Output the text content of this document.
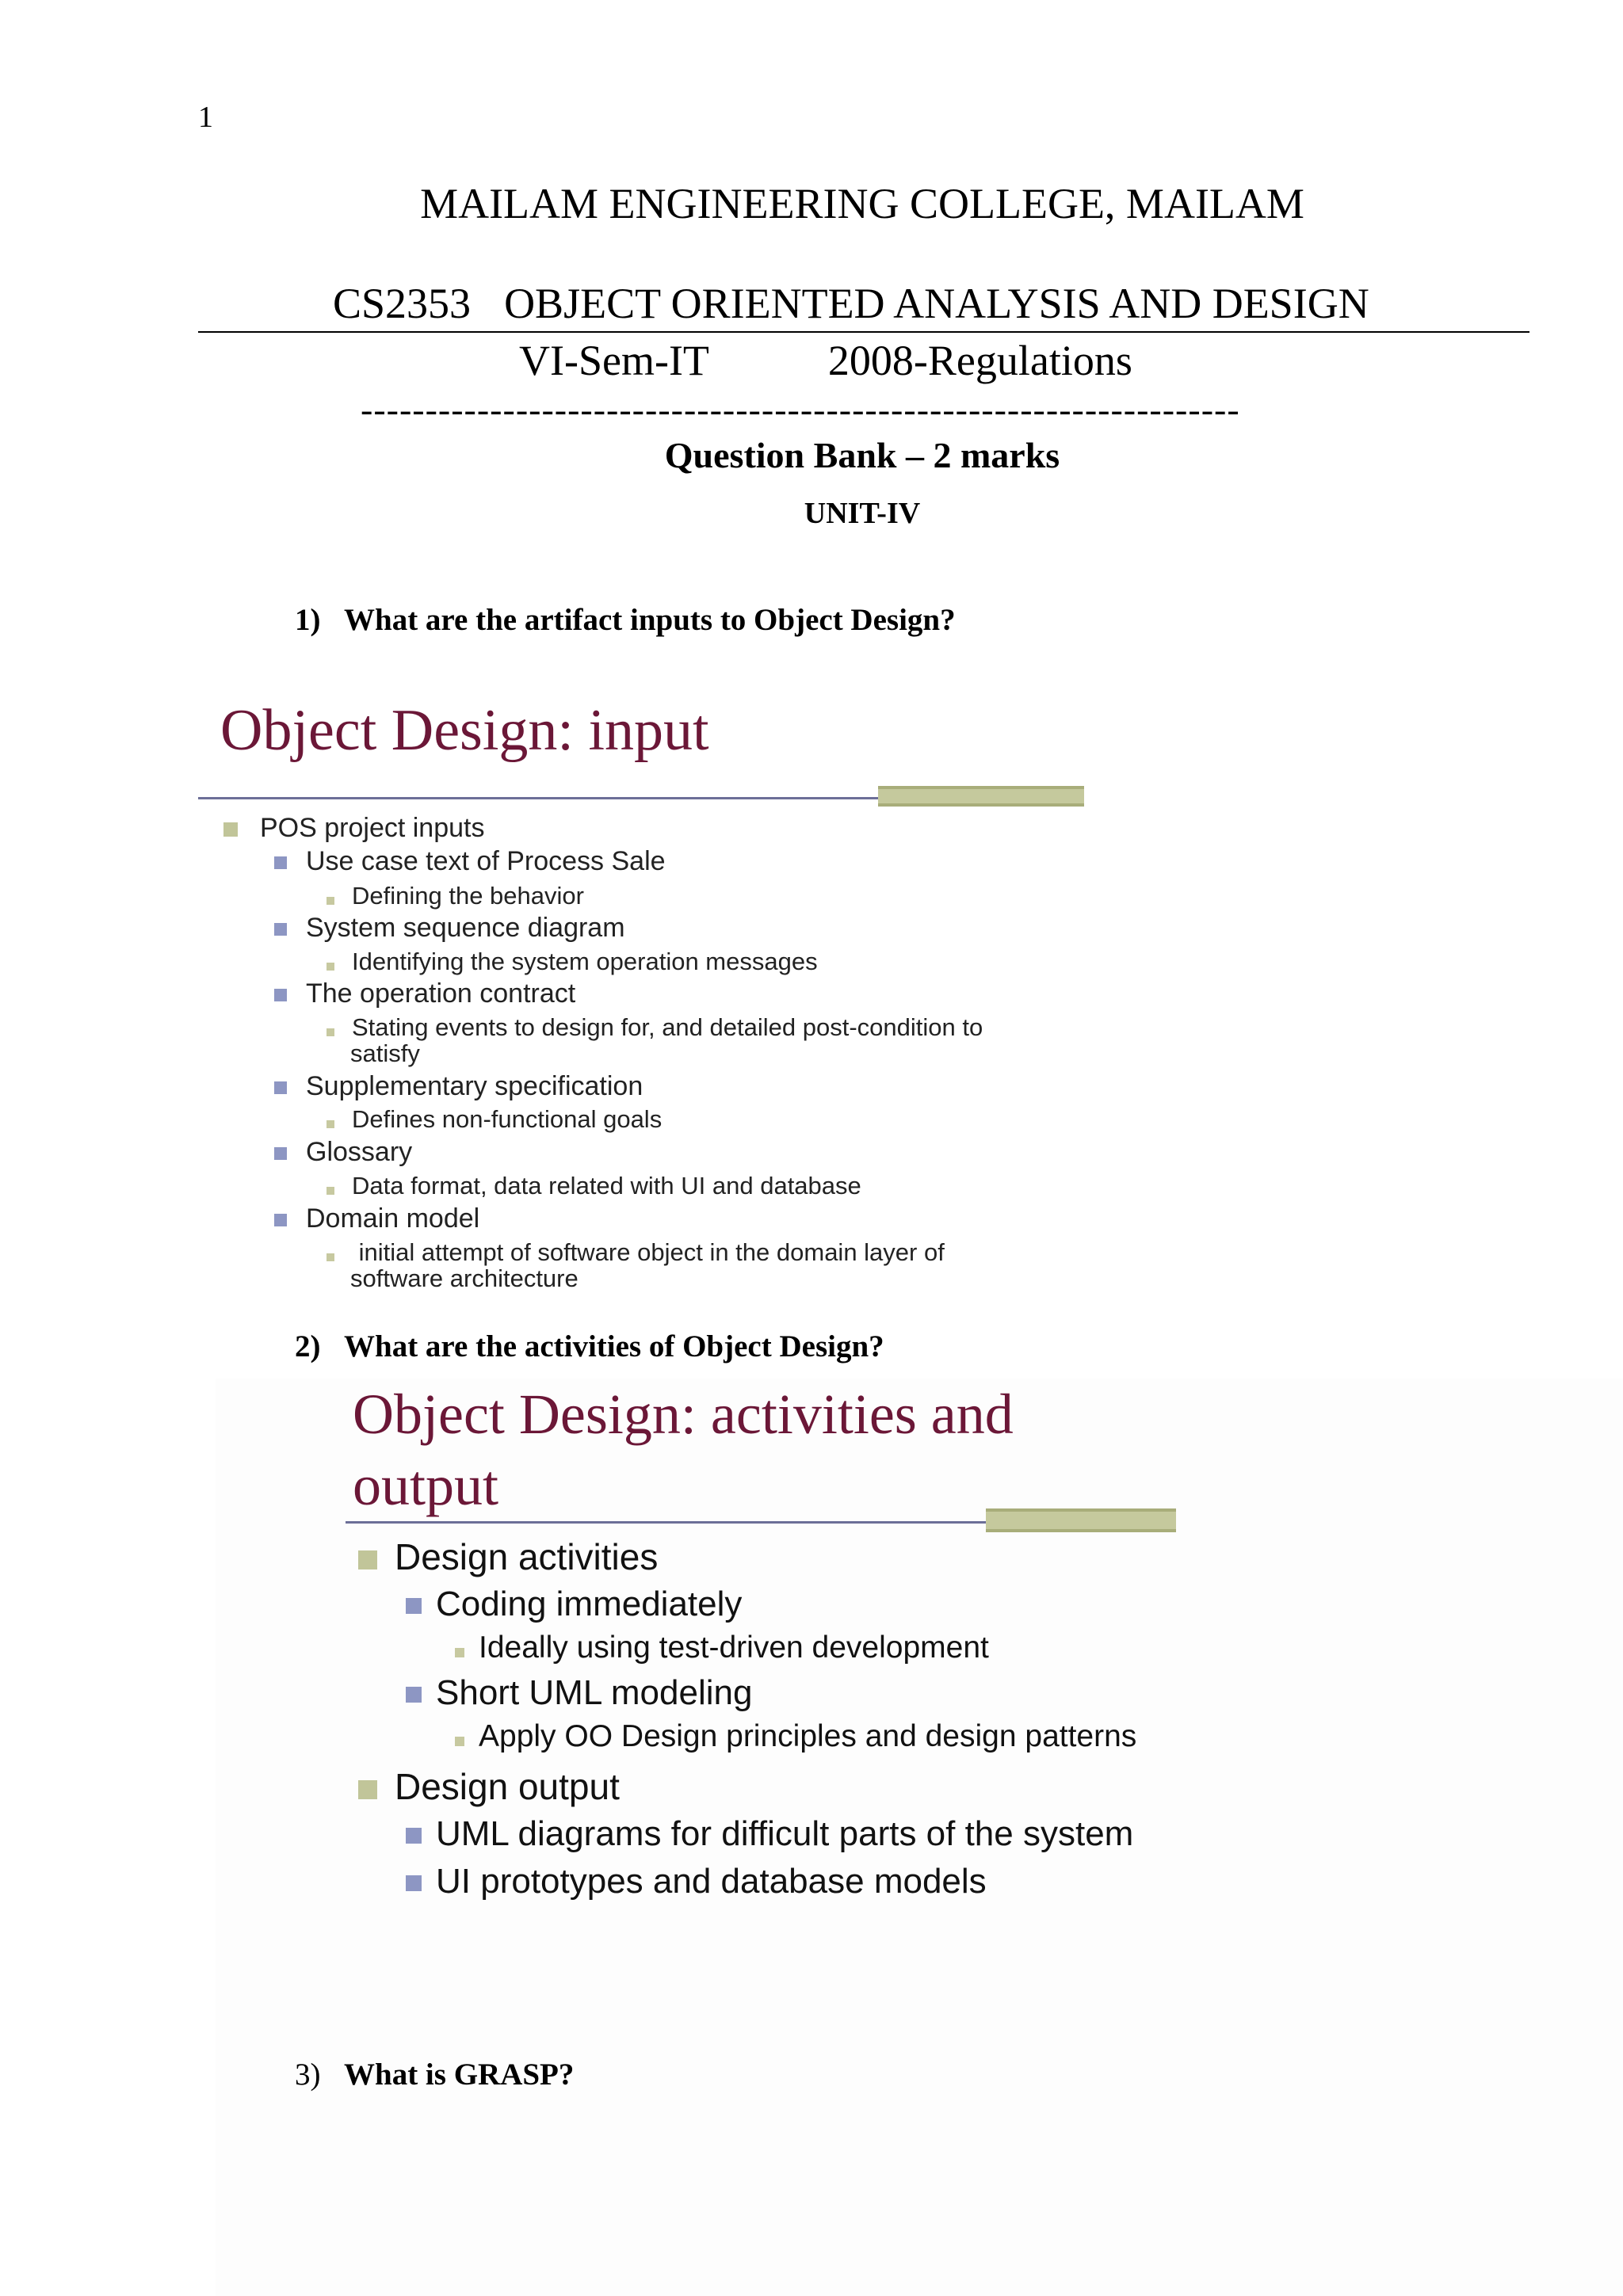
1
MAILAM ENGINEERING COLLEGE, MAILAM
CS2353 OBJECT ORIENTED ANALYSIS AND DESIGN
VI-Sem-IT	2008-Regulations
--------------------------------------------------------------------
Question Bank – 2 marks
UNIT-IV
1) What are the artifact inputs to Object Design?
Object Design: input
POS project inputs
Use case text of Process Sale
Defining the behavior
System sequence diagram
Identifying the system operation messages
The operation contract
Stating events to design for, and detailed post-condition to
satisfy
Supplementary specification
Defines non-functional goals
Glossary
Data format, data related with UI and database
Domain model
initial attempt of software object in the domain layer of
software architecture
2) What are the activities of Object Design?
Object Design: activities and
output
Design activities
Coding immediately
Ideally using test-driven development
Short UML modeling
Apply OO Design principles and design patterns
Design output
UML diagrams for difficult parts of the system
UI prototypes and database models
3) What is GRASP?
